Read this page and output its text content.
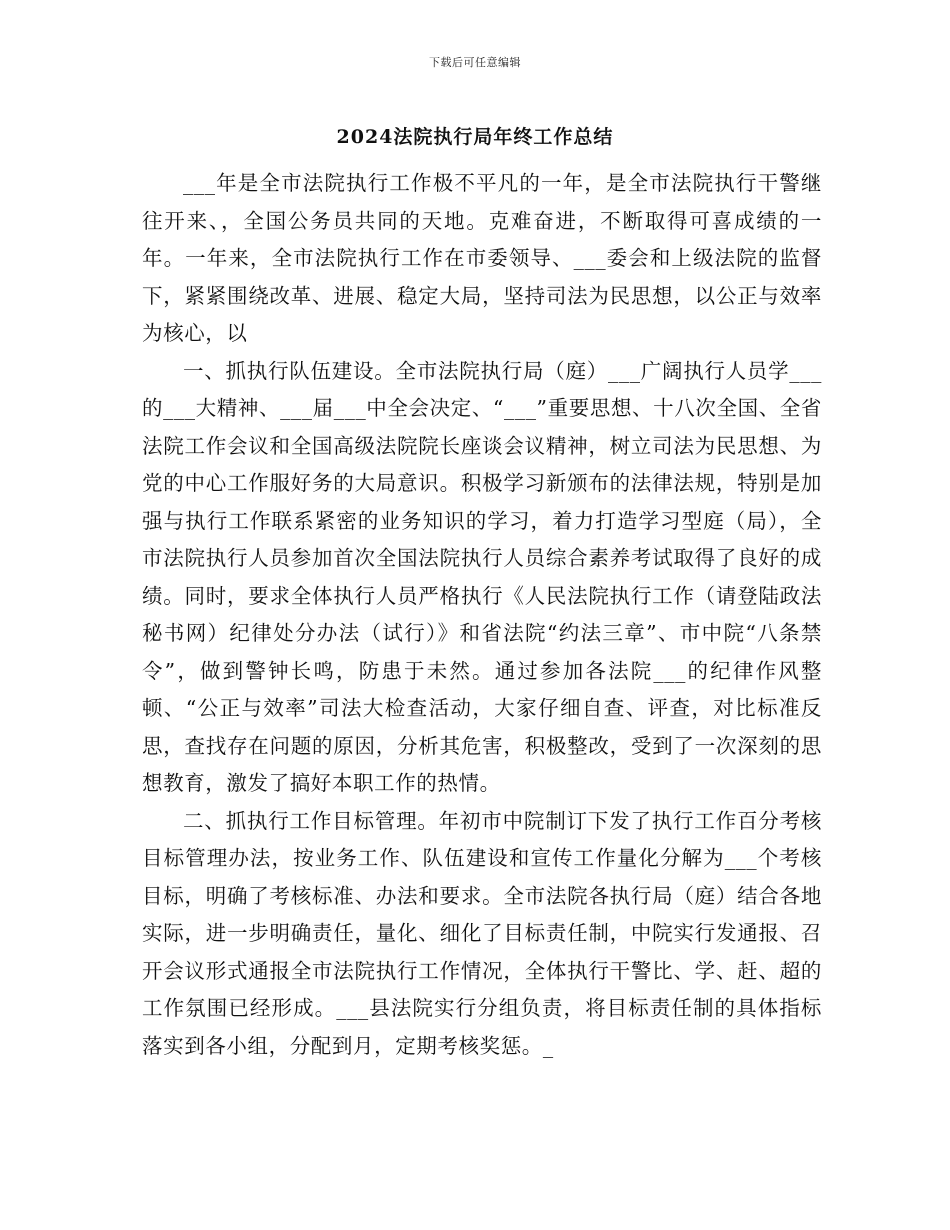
下载后可任意编辑
2024法院执行局年终工作总结

___年是全市法院执行工作极不平凡的一年，是全市法院执行干警继往开来、，全国公务员共同的天地。克难奋进，不断取得可喜成绩的一年。一年来，全市法院执行工作在市委领导、___委会和上级法院的监督下，紧紧围绕改革、进展、稳定大局，坚持司法为民思想，以公正与效率为核心，以

一、抓执行队伍建设。全市法院执行局（庭）___广阔执行人员学___的___大精神、___届___中全会决定、“___”重要思想、十八次全国、全省法院工作会议和全国高级法院院长座谈会议精神，树立司法为民思想、为党的中心工作服好务的大局意识。积极学习新颁布的法律法规，特别是加强与执行工作联系紧密的业务知识的学习，着力打造学习型庭（局），全市法院执行人员参加首次全国法院执行人员综合素养考试取得了良好的成绩。同时，要求全体执行人员严格执行《人民法院执行工作（请登陆政法秘书网）纪律处分办法（试行）》和省法院“约法三章”、市中院“八条禁令”，做到警钟长鸣，防患于未然。通过参加各法院___的纪律作风整顿、“公正与效率”司法大检查活动，大家仔细自查、评查，对比标准反思，查找存在问题的原因，分析其危害，积极整改，受到了一次深刻的思想教育，激发了搞好本职工作的热情。

二、抓执行工作目标管理。年初市中院制订下发了执行工作百分考核目标管理办法，按业务工作、队伍建设和宣传工作量化分解为___个考核目标，明确了考核标准、办法和要求。全市法院各执行局（庭）结合各地实际，进一步明确责任，量化、细化了目标责任制，中院实行发通报、召开会议形式通报全市法院执行工作情况，全体执行干警比、学、赶、超的工作氛围已经形成。___县法院实行分组负责，将目标责任制的具体指标落实到各小组，分配到月，定期考核奖惩。_
